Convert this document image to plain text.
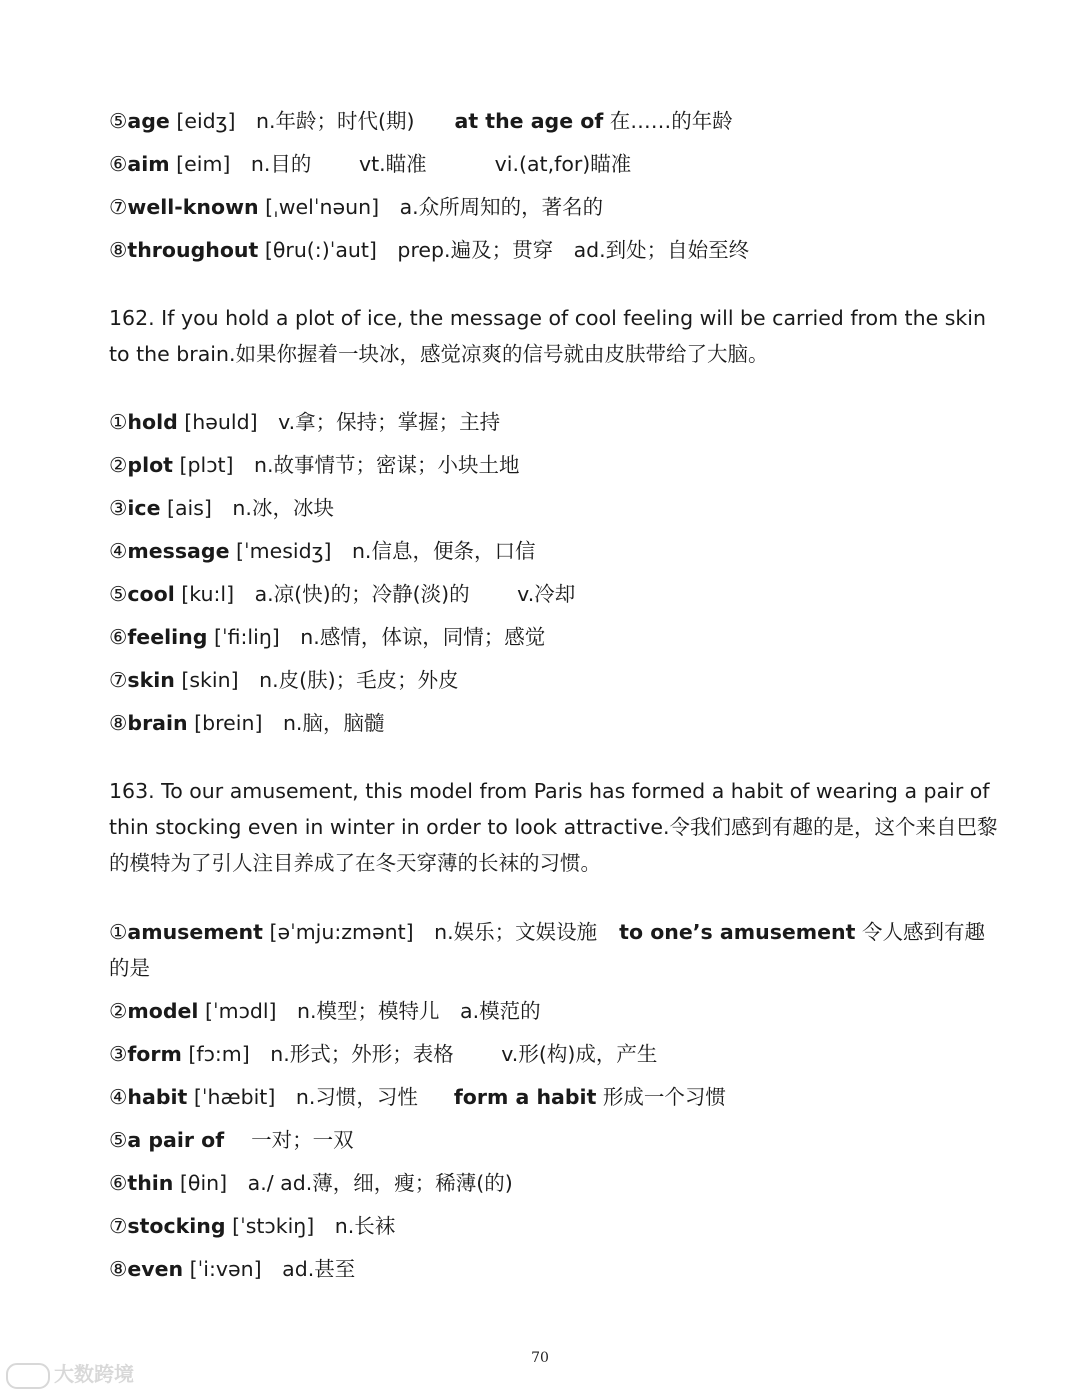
⑤age [eidʒ]　n.年龄；时代(期) at the age of 在……的年龄
⑥aim [eim]　n.目的　　 vt.瞄准　　　 vi.(at,for)瞄准
⑦well-known [ˌwelˈnəun]　a.众所周知的，著名的
⑧throughout [θru(:)ˈaut]　prep.遍及；贯穿　ad.到处；自始至终
162. If you hold a plot of ice, the message of cool feeling will be carried from the skin to the brain.如果你握着一块冰，感觉凉爽的信号就由皮肤带给了大脑。
①hold [həuld]　v.拿；保持；掌握；主持
②plot [plɔt]　n.故事情节；密谋；小块土地
③ice [ais]　n.冰，冰块
④message [ˈmesidʒ]　n.信息，便条，口信
⑤cool [ku:l]　a.凉(快)的；冷静(淡)的　　 v.冷却
⑥feeling [ˈfi:liŋ]　n.感情，体谅，同情；感觉
⑦skin [skin]　n.皮(肤)；毛皮；外皮
⑧brain [brein]　n.脑，脑髓
163. To our amusement, this model from Paris has formed a habit of wearing a pair of thin stocking even in winter in order to look attractive.令我们感到有趣的是，这个来自巴黎的模特为了引人注目养成了在冬天穿薄的长袜的习惯。
①amusement [əˈmju:zmənt]　n.娱乐；文娱设施 to one’s amusement 令人感到有趣的是
②model [ˈmɔdl]　n.模型；模特儿　a.模范的
③form [fɔ:m]　n.形式；外形；表格　　 v.形(构)成，产生
④habit [ˈhæbit]　n.习惯，习性 form a habit 形成一个习惯
⑤a pair of　 一对；一双
⑥thin [θin]　a./ ad.薄，细，瘦；稀薄(的)
⑦stocking [ˈstɔkiŋ]　n.长袜
⑧even [ˈi:vən]　ad.甚至
70
大数跨境
